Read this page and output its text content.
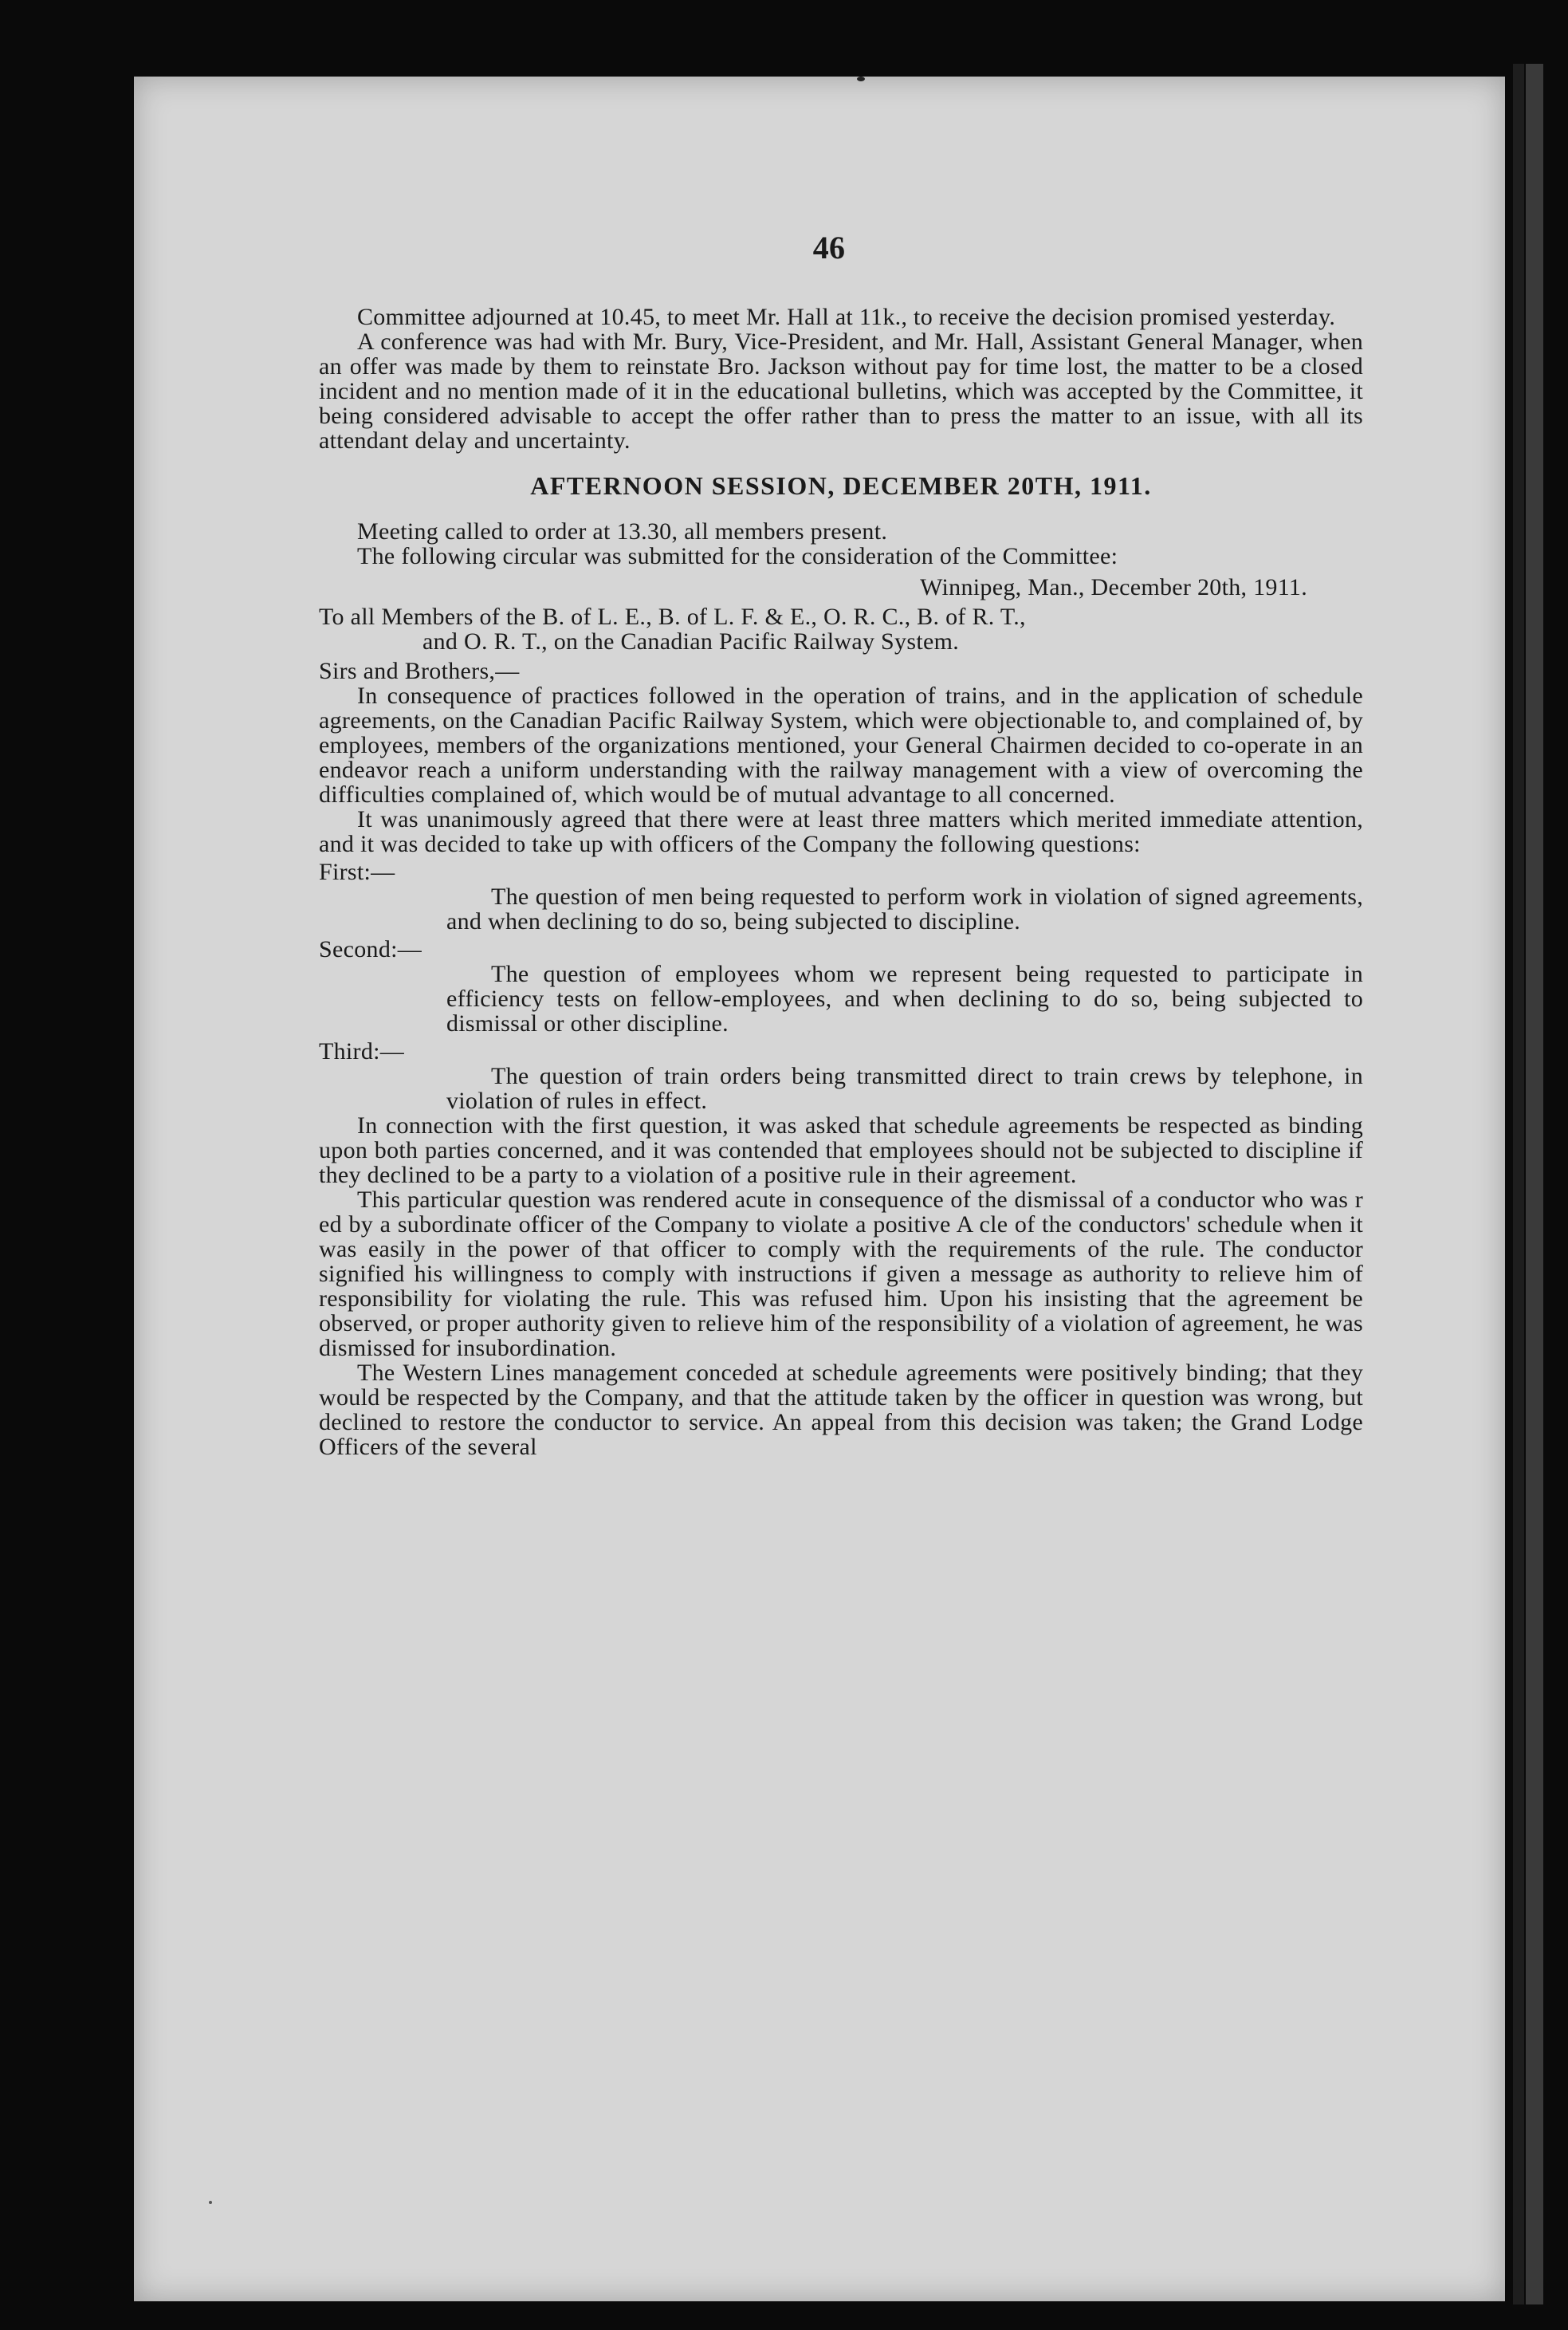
46

Committee adjourned at 10.45, to meet Mr. Hall at 11k., to receive the decision promised yesterday.

A conference was had with Mr. Bury, Vice-President, and Mr. Hall, Assistant General Manager, when an offer was made by them to reinstate Bro. Jackson without pay for time lost, the matter to be a closed incident and no mention made of it in the educational bulletins, which was accepted by the Committee, it being considered advisable to accept the offer rather than to press the matter to an issue, with all its attendant delay and uncertainty.

AFTERNOON SESSION, DECEMBER 20TH, 1911.

Meeting called to order at 13.30, all members present.

The following circular was submitted for the consideration of the Committee:

Winnipeg, Man., December 20th, 1911.

To all Members of the B. of L. E., B. of L. F. & E., O. R. C., B. of R. T.,

and O. R. T., on the Canadian Pacific Railway System.

Sirs and Brothers,—

In consequence of practices followed in the operation of trains, and in the application of schedule agreements, on the Canadian Pacific Railway System, which were objectionable to, and complained of, by employees, members of the organizations mentioned, your General Chairmen decided to co-operate in an endeavor reach a uniform understanding with the railway management with a view of overcoming the difficulties complained of, which would be of mutual advantage to all concerned.

It was unanimously agreed that there were at least three matters which merited immediate attention, and it was decided to take up with officers of the Company the following questions:

First:—

The question of men being requested to perform work in violation of signed agreements, and when declining to do so, being subjected to discipline.

Second:—

The question of employees whom we represent being requested to participate in efficiency tests on fellow-employees, and when declining to do so, being subjected to dismissal or other discipline.

Third:—

The question of train orders being transmitted direct to train crews by telephone, in violation of rules in effect.

In connection with the first question, it was asked that schedule agreements be respected as binding upon both parties concerned, and it was contended that employees should not be subjected to discipline if they declined to be a party to a violation of a positive rule in their agreement.

This particular question was rendered acute in consequence of the dismissal of a conductor who was r ed by a subordinate officer of the Company to violate a positive A cle of the conductors' schedule when it was easily in the power of that officer to comply with the requirements of the rule. The conductor signified his willingness to comply with instructions if given a message as authority to relieve him of responsibility for violating the rule. This was refused him. Upon his insisting that the agreement be observed, or proper authority given to relieve him of the responsibility of a violation of agreement, he was dismissed for insubordination.

The Western Lines management conceded at schedule agreements were positively binding; that they would be respected by the Company, and that the attitude taken by the officer in question was wrong, but declined to restore the conductor to service. An appeal from this decision was taken; the Grand Lodge Officers of the several
